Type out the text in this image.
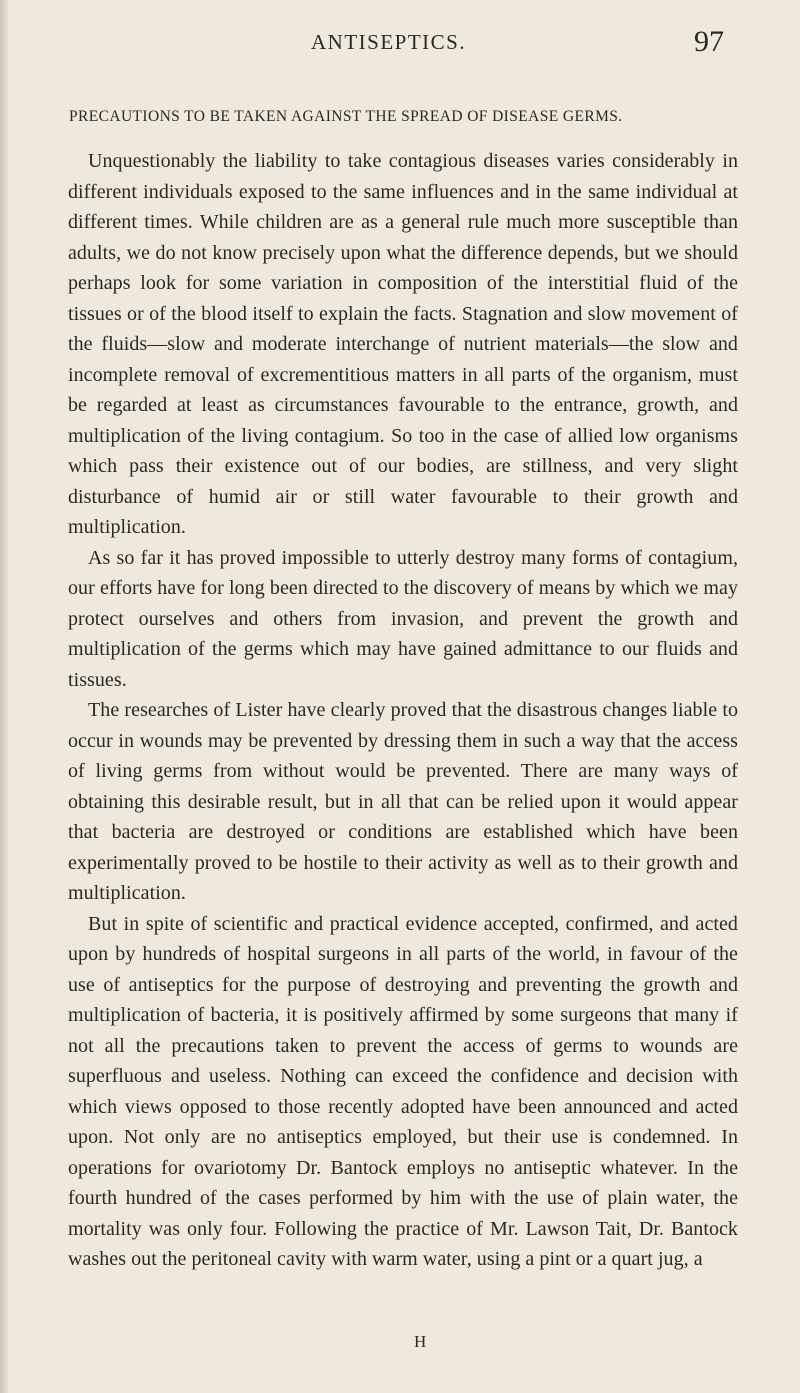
ANTISEPTICS.	97
PRECAUTIONS TO BE TAKEN AGAINST THE SPREAD OF DISEASE GERMS.

Unquestionably the liability to take contagious diseases varies considerably in different individuals exposed to the same influences and in the same individual at different times. While children are as a general rule much more susceptible than adults, we do not know precisely upon what the difference depends, but we should perhaps look for some variation in composition of the interstitial fluid of the tissues or of the blood itself to explain the facts. Stagnation and slow movement of the fluids—slow and moderate interchange of nutrient materials—the slow and incomplete removal of excrementitious matters in all parts of the organism, must be regarded at least as circumstances favourable to the entrance, growth, and multiplication of the living contagium. So too in the case of allied low organisms which pass their existence out of our bodies, are stillness, and very slight disturbance of humid air or still water favourable to their growth and multiplication.

As so far it has proved impossible to utterly destroy many forms of contagium, our efforts have for long been directed to the discovery of means by which we may protect ourselves and others from invasion, and prevent the growth and multiplication of the germs which may have gained admittance to our fluids and tissues.

The researches of Lister have clearly proved that the disastrous changes liable to occur in wounds may be prevented by dressing them in such a way that the access of living germs from without would be prevented. There are many ways of obtaining this desirable result, but in all that can be relied upon it would appear that bacteria are destroyed or conditions are established which have been experimentally proved to be hostile to their activity as well as to their growth and multiplication.

But in spite of scientific and practical evidence accepted, confirmed, and acted upon by hundreds of hospital surgeons in all parts of the world, in favour of the use of antiseptics for the purpose of destroying and preventing the growth and multiplication of bacteria, it is positively affirmed by some surgeons that many if not all the precautions taken to prevent the access of germs to wounds are superfluous and useless. Nothing can exceed the confidence and decision with which views opposed to those recently adopted have been announced and acted upon. Not only are no antiseptics employed, but their use is condemned. In operations for ovariotomy Dr. Bantock employs no antiseptic whatever. In the fourth hundred of the cases performed by him with the use of plain water, the mortality was only four. Following the practice of Mr. Lawson Tait, Dr. Bantock washes out the peritoneal cavity with warm water, using a pint or a quart jug, a

H
